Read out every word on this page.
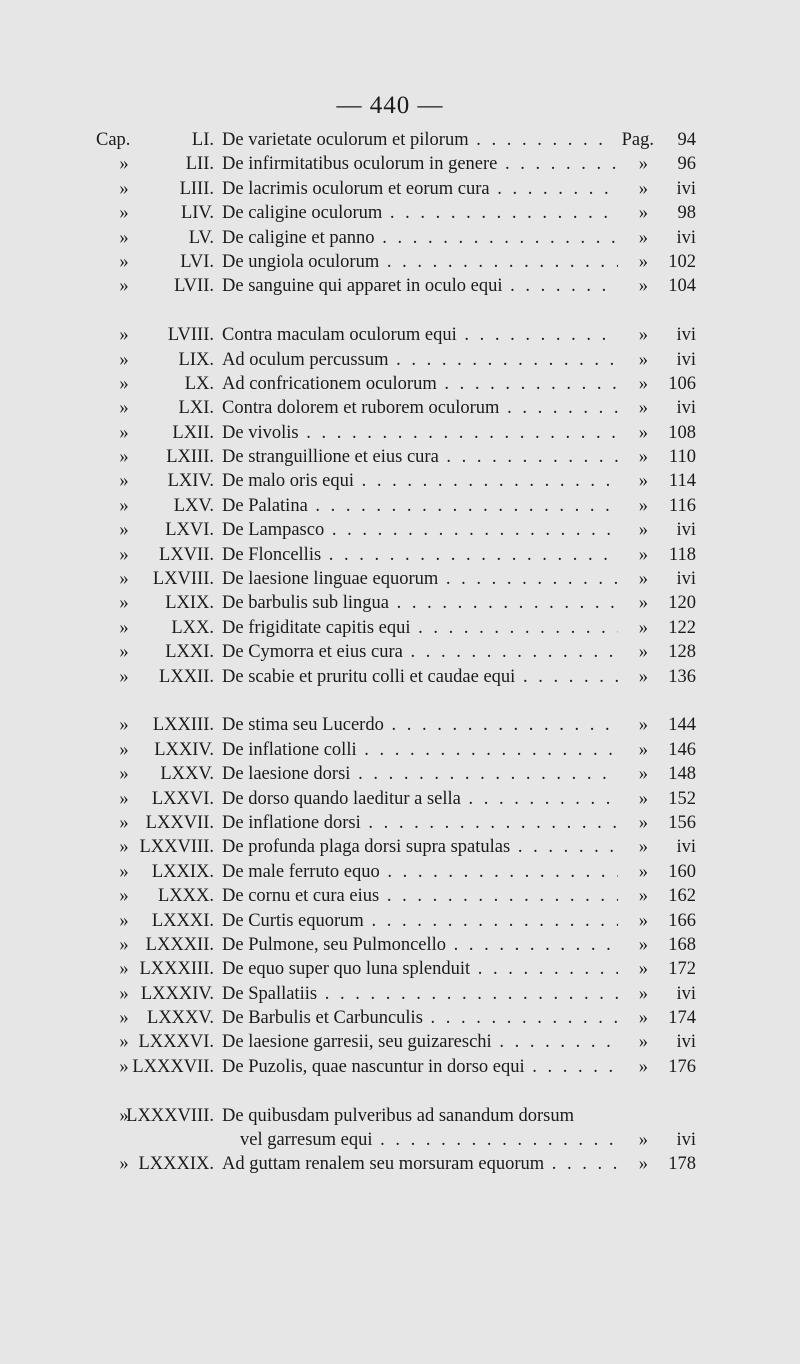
— 440 —
Cap.	LI. De varietate oculorum et pilorum . . .	Pag.	94
»	LII. De infirmitatibus oculorum in genere . . .	»	96
»	LIII. De lacrimis oculorum et eorum cura . . .	»	ivi
»	LIV. De caligine oculorum . . .	»	98
»	LV. De caligine et panno . . .	»	ivi
»	LVI. De ungiola oculorum . . .	»	102
» LVII. De sanguine qui apparet in oculo equi . . .	»	104
» LVIII. Contra maculam oculorum equi . . .	»	ivi
»	LIX. Ad oculum percussum . . .	»	ivi
»	LX. Ad confricationem oculorum . . .	»	106
»	LXI. Contra dolorem et ruborem oculorum . . .	»	ivi
» LXII. De vivolis . . .	»	108
» LXIII. De stranguillione et eius cura . . .	»	110
» LXIV. De malo oris equi . . .	»	114
» LXV. De Palatina . . .	»	116
» LXVI. De Lampasco . . .	»	ivi
» LXVII. De Floncellis . . .	»	118
» LXVIII. De laesione linguae equorum . . .	»	ivi
» LXIX. De barbulis sub lingua . . .	»	120
» LXX. De frigiditate capitis equi . . .	»	122
» LXXI. De Cymorra et eius cura . . .	»	128
» LXXII. De scabie et pruritu colli et caudae equi . . .	»	136
» LXXIII. De stima seu Lucerdo . . .	»	144
» LXXIV. De inflatione colli . . .	»	146
» LXXV. De laesione dorsi . . .	»	148
» LXXVI. De dorso quando laeditur a sella . . .	»	152
» LXXVII. De inflatione dorsi . . .	»	156
» LXXVIII. De profunda plaga dorsi supra spatulas . . .	»	ivi
» LXXIX. De male ferruto equo . . .	»	160
» LXXX. De cornu et cura eius . . .	»	162
» LXXXI. De Curtis equorum . . .	»	166
» LXXXII. De Pulmone, seu Pulmoncello . . .	»	168
» LXXXIII. De equo super quo luna splenduit . . .	»	172
» LXXXIV. De Spallatiis . . .	»	ivi
» LXXXV. De Barbulis et Carbunculis . . .	»	174
» LXXXVI. De laesione garresii, seu guizareschi . . .	»	ivi
» LXXXVII. De Puzolis, quae nascuntur in dorso equi . . .	»	176
»
LXXXVIII. De quibusdam pulveribus ad sanandum dorsum
vel garresum equi . . .	»	ivi
» LXXXIX. Ad guttam renalem seu morsuram equorum . . .	»	178
